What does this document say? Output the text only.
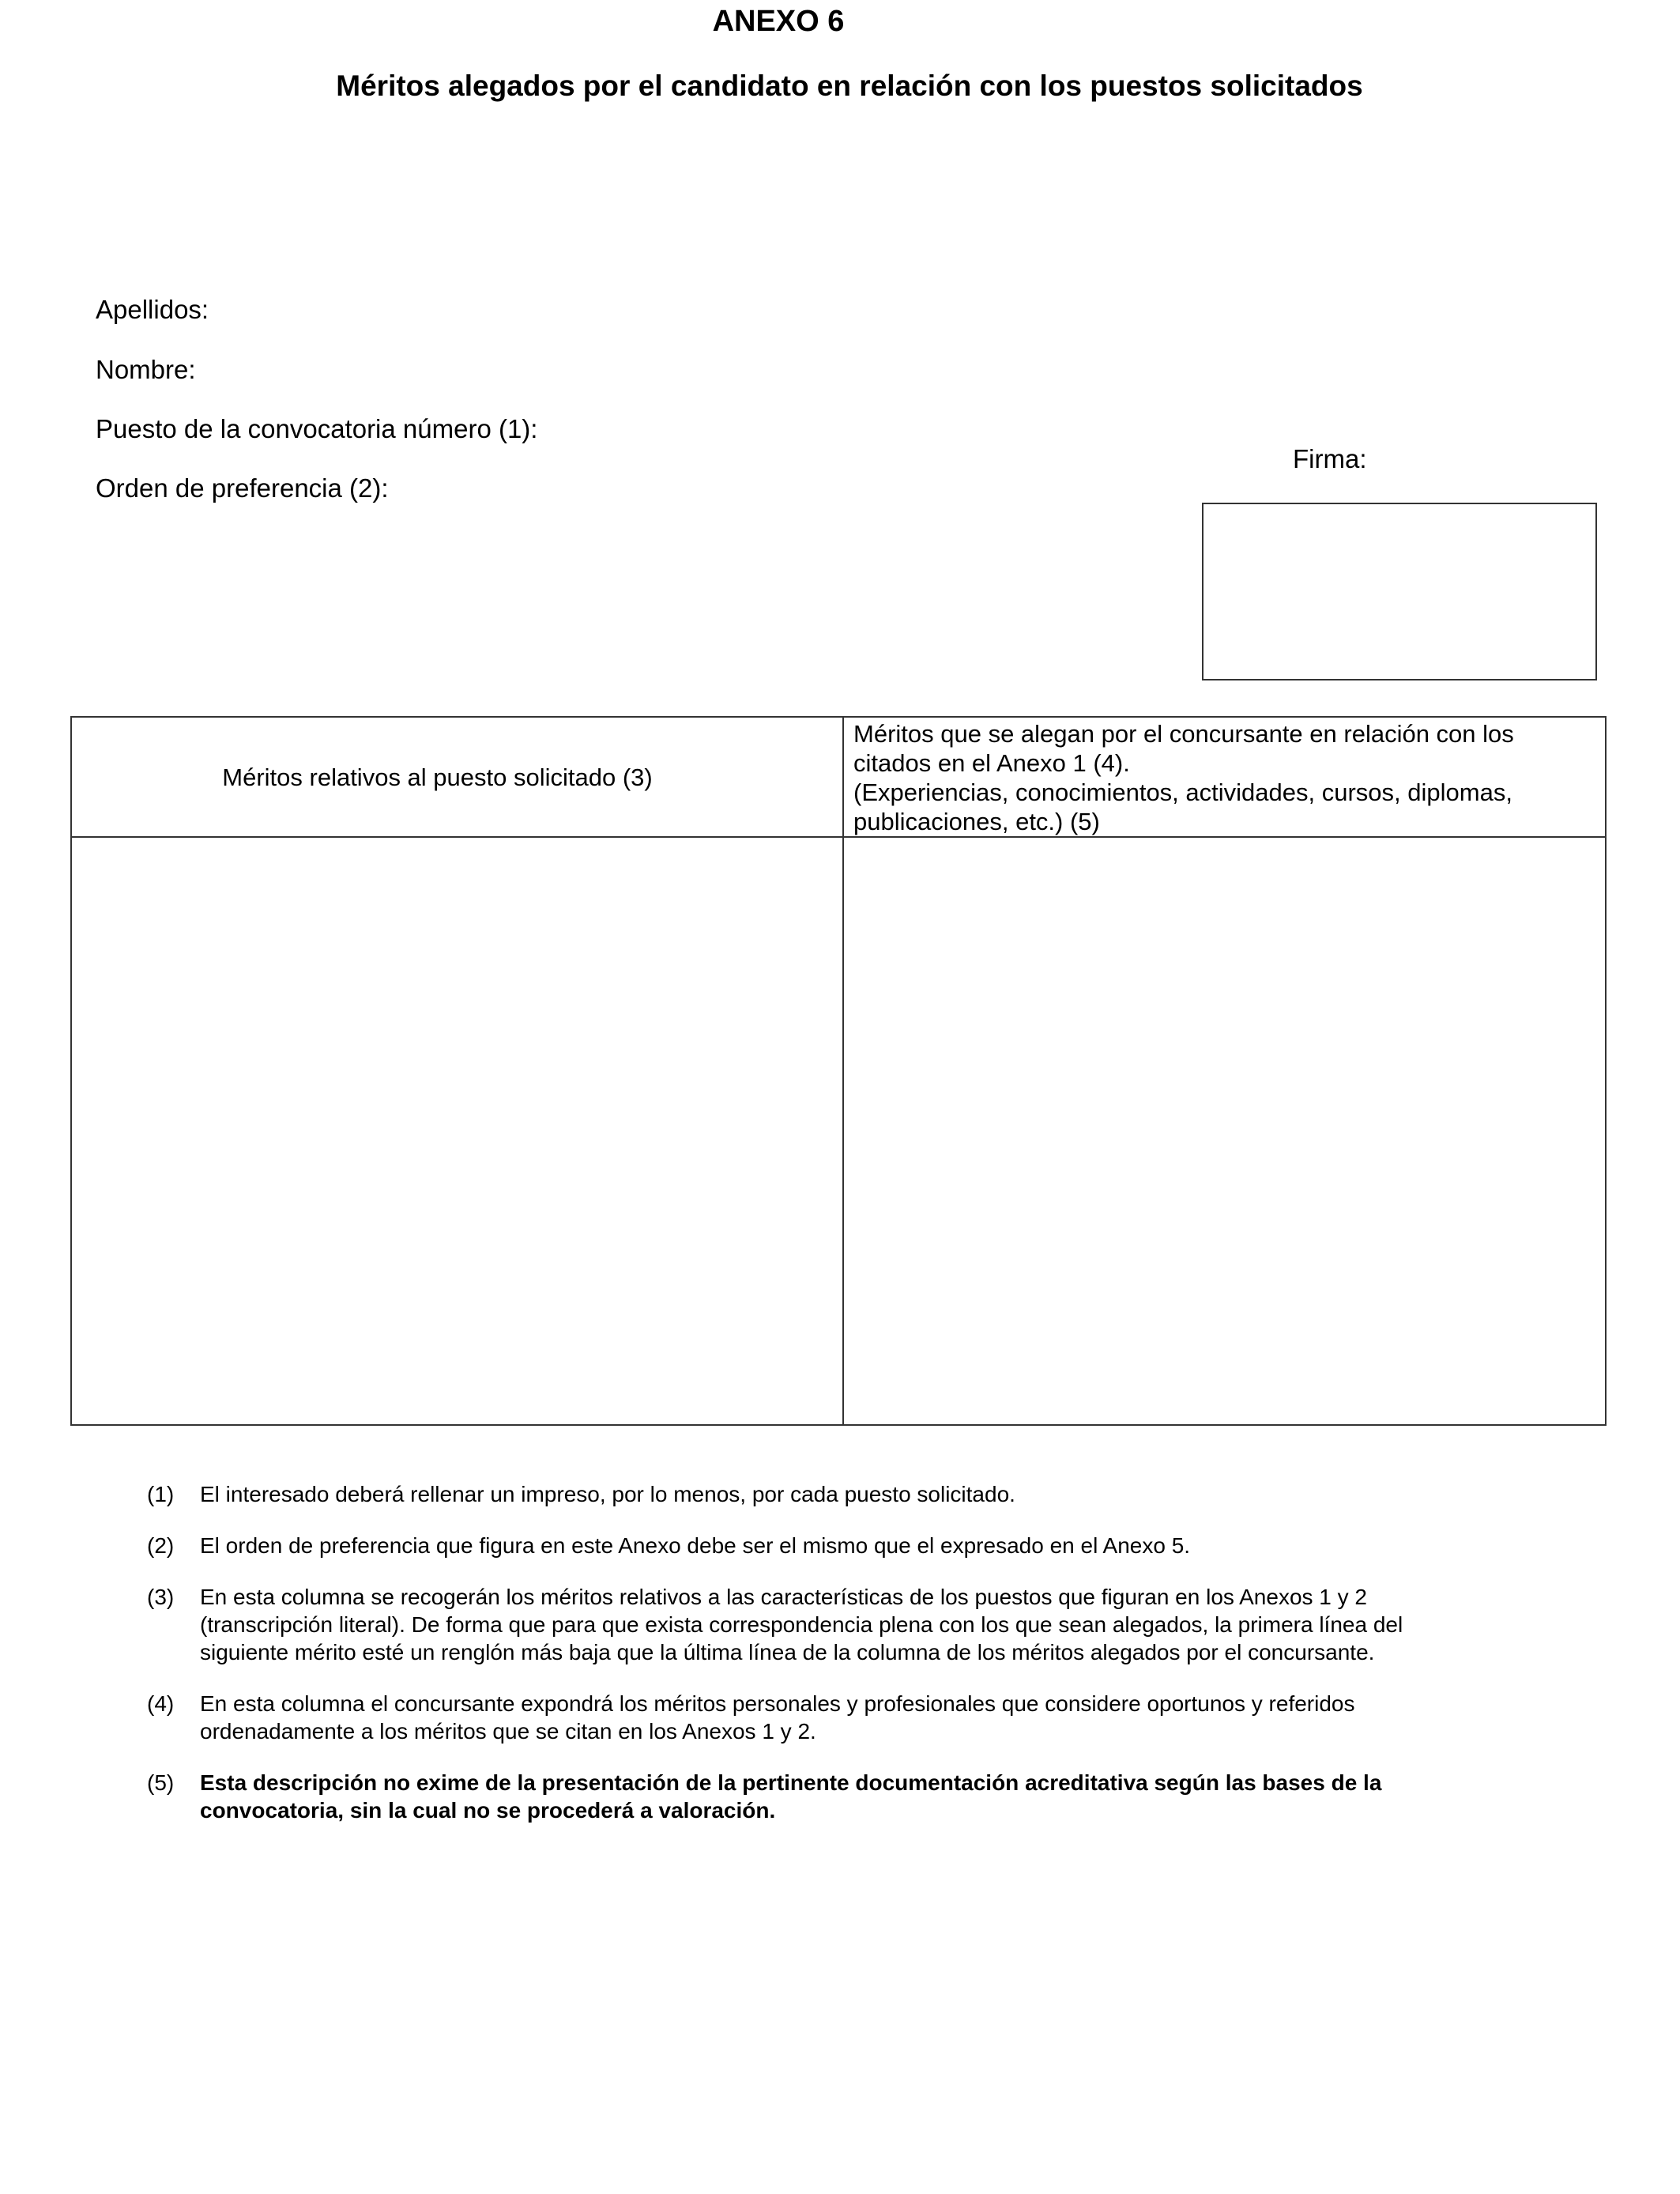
ANEXO 6
Méritos alegados por el candidato en relación con los puestos solicitados
Apellidos:
Nombre:
Puesto de la convocatoria número (1):
Orden de preferencia (2):
Firma:
Méritos relativos al puesto solicitado (3)	Méritos que se alegan por el concursante en relación con los
citados en el Anexo 1 (4).
(Experiencias, conocimientos, actividades, cursos, diplomas,
publicaciones, etc.) (5)

(1) El interesado deberá rellenar un impreso, por lo menos, por cada puesto solicitado.
(2) El orden de preferencia que figura en este Anexo debe ser el mismo que el expresado en el Anexo 5.
(3) En esta columna se recogerán los méritos relativos a las características de los puestos que figuran en los Anexos 1 y 2
(transcripción literal). De forma que para que exista correspondencia plena con los que sean alegados, la primera línea del
siguiente mérito esté un renglón más baja que la última línea de la columna de los méritos alegados por el concursante.
(4) En esta columna el concursante expondrá los méritos personales y profesionales que considere oportunos y referidos
ordenadamente a los méritos que se citan en los Anexos 1 y 2.
(5) Esta descripción no exime de la presentación de la pertinente documentación acreditativa según las bases de la
convocatoria, sin la cual no se procederá a valoración.
